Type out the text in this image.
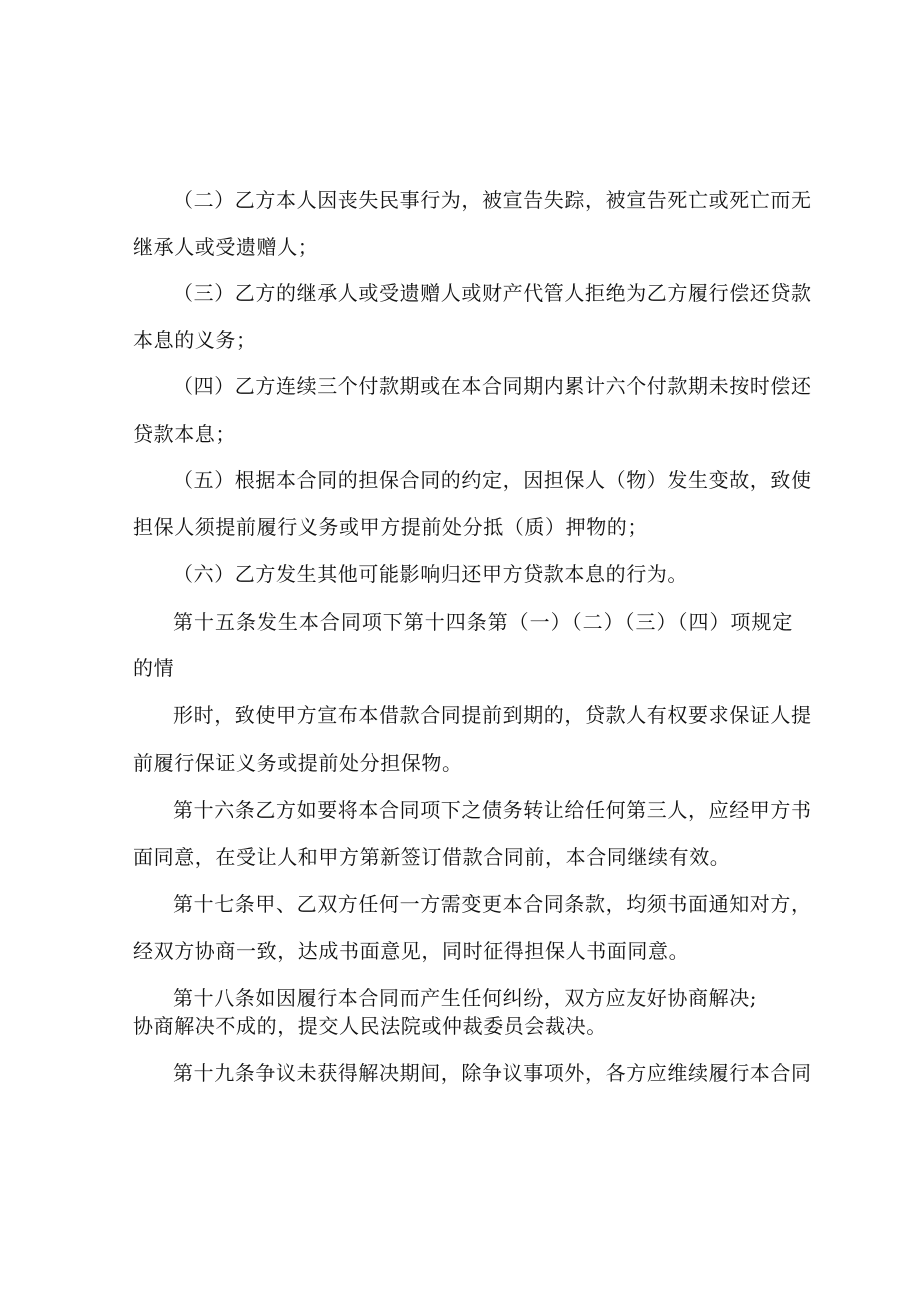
（二）乙方本人因丧失民事行为，被宣告失踪，被宣告死亡或死亡而无
继承人或受遗赠人；
（三）乙方的继承人或受遗赠人或财产代管人拒绝为乙方履行偿还贷款
本息的义务；
（四）乙方连续三个付款期或在本合同期内累计六个付款期未按时偿还
贷款本息；
（五）根据本合同的担保合同的约定，因担保人（物）发生变故，致使
担保人须提前履行义务或甲方提前处分抵（质）押物的；
（六）乙方发生其他可能影响归还甲方贷款本息的行为。
第十五条发生本合同项下第十四条第（一）（二）（三）（四）项规定
的情
形时，致使甲方宣布本借款合同提前到期的，贷款人有权要求保证人提
前履行保证义务或提前处分担保物。
第十六条乙方如要将本合同项下之债务转让给任何第三人，应经甲方书
面同意，在受让人和甲方第新签订借款合同前，本合同继续有效。
第十七条甲、乙双方任何一方需变更本合同条款，均须书面通知对方，
经双方协商一致，达成书面意见，同时征得担保人书面同意。
第十八条如因履行本合同而产生任何纠纷，双方应友好协商解决;
协商解决不成的，提交人民法院或仲裁委员会裁决。
第十九条争议未获得解决期间，除争议事项外，各方应维续履行本合同
